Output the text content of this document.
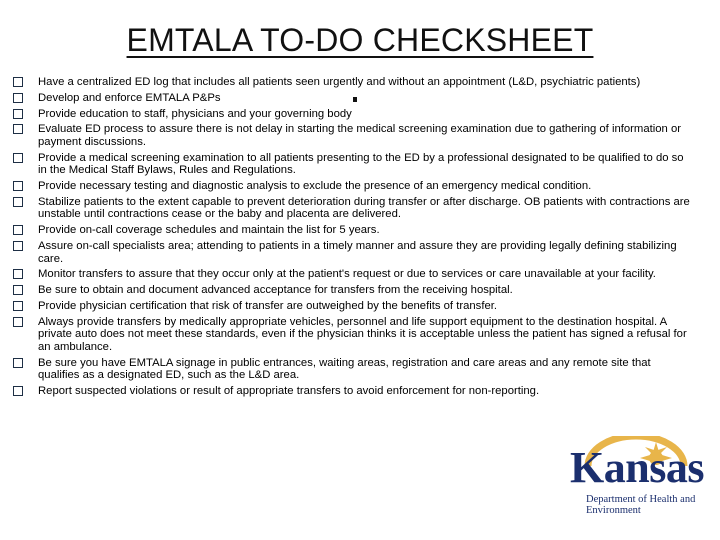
EMTALA TO-DO CHECKSHEET
Have a centralized ED log that includes all patients seen urgently and without an appointment (L&D, psychiatric patients)
Develop and enforce EMTALA P&Ps
Provide education to staff, physicians and your governing body
Evaluate ED process to assure there is not delay in starting the medical screening examination due to gathering of information or payment discussions.
Provide a medical screening examination to all patients presenting to the ED by a professional designated to be qualified to do so in the Medical Staff Bylaws, Rules and Regulations.
Provide necessary testing and diagnostic analysis to exclude the presence of an emergency medical condition.
Stabilize patients to the extent capable to prevent deterioration during transfer or after discharge. OB patients with contractions are unstable until contractions cease or the baby and placenta are delivered.
Provide on-call coverage schedules and maintain the list for 5 years.
Assure on-call specialists area; attending to patients in a timely manner and assure they are providing legally defining stabilizing care.
Monitor transfers to assure that they occur only at the patient's request or due to services or care unavailable at your facility.
Be sure to obtain and document advanced acceptance for transfers from the receiving hospital.
Provide physician certification that risk of transfer are outweighed by the benefits of transfer.
Always provide transfers by medically appropriate vehicles, personnel and life support equipment to the destination hospital. A private auto does not meet these standards, even if the physician thinks it is acceptable unless the patient has signed a refusal for an ambulance.
Be sure you have EMTALA signage in public entrances, waiting areas, registration and care areas and any remote site that qualifies as a designated ED, such as the L&D area.
Report suspected violations or result of appropriate transfers to avoid enforcement for non-reporting.
Kansas
Department of Health and Environment
